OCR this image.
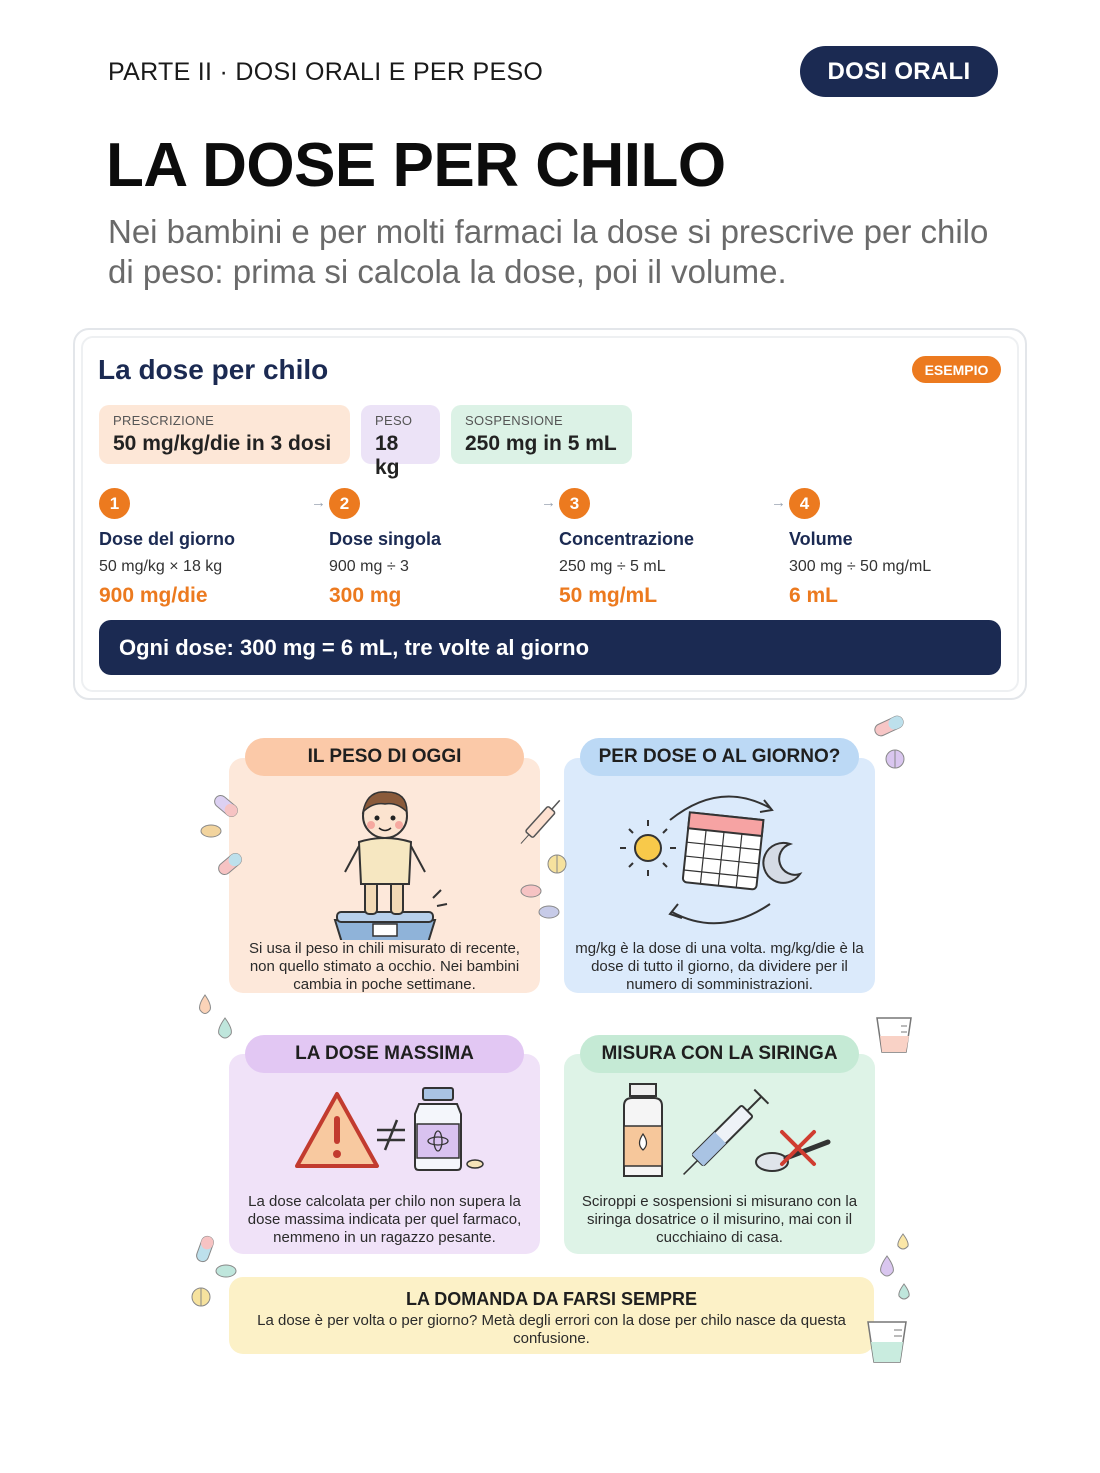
PARTE II · DOSI ORALI E PER PESO	DOSI ORALI
LA DOSE PER CHILO

Nei bambini e per molti farmaci la dose si prescrive per chilo di peso: prima si calcola la dose, poi il volume.

La dose per chilo	ESEMPIO
PRESCRIZIONE
50 mg/kg/die in 3 dosi
PESO
18 kg
SOSPENSIONE
250 mg in 5 mL
1
Dose del giorno
50 mg/kg × 18 kg
900 mg/die
→ 2
Dose singola
900 mg ÷ 3
300 mg
→ 3
Concentrazione
250 mg ÷ 5 mL
50 mg/mL
→ 4
Volume
300 mg ÷ 50 mg/mL
6 mL
Ogni dose: 300 mg = 6 mL, tre volte al giorno
Si usa il peso in chili misurato di recente, non quello stimato a occhio. Nei bambini cambia in poche settimane.
IL PESO DI OGGI
mg/kg è la dose di una volta. mg/kg/die è la dose di tutto il giorno, da dividere per il numero di somministrazioni.
PER DOSE O AL GIORNO?
La dose calcolata per chilo non supera la dose massima indicata per quel farmaco, nemmeno in un ragazzo pesante.
LA DOSE MASSIMA
Sciroppi e sospensioni si misurano con la siringa dosatrice o il misurino, mai con il cucchiaino di casa.
MISURA CON LA SIRINGA
LA DOMANDA DA FARSI SEMPRE
La dose è per volta o per giorno? Metà degli errori con la dose per chilo nasce da questa confusione.
